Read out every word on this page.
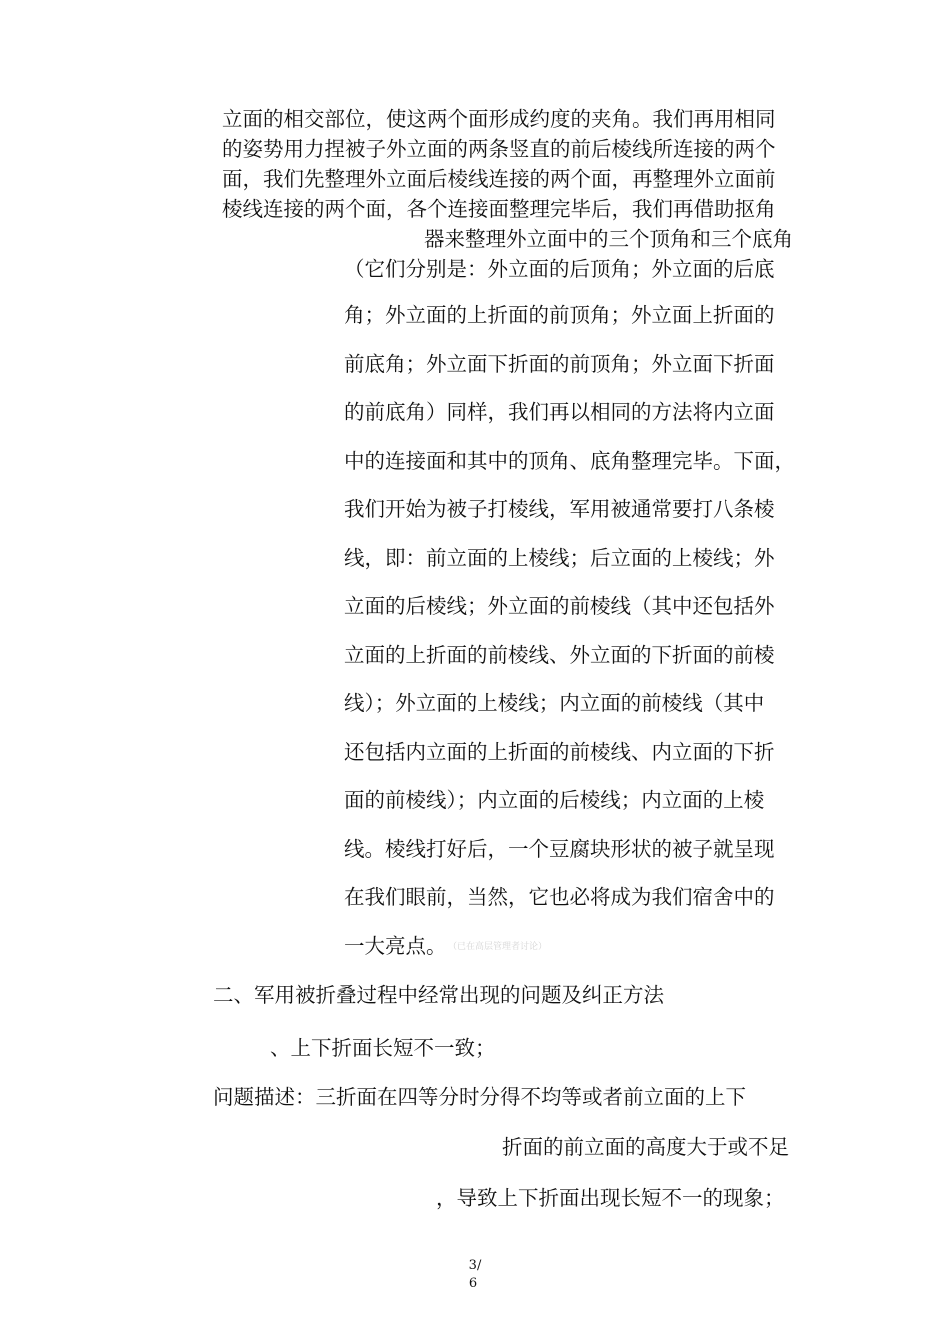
立面的相交部位，使这两个面形成约度的夹角。我们再用相同
的姿势用力捏被子外立面的两条竖直的前后棱线所连接的两个
面，我们先整理外立面后棱线连接的两个面，再整理外立面前
棱线连接的两个面，各个连接面整理完毕后，我们再借助抠角
器来整理外立面中的三个顶角和三个底角
（它们分别是：外立面的后顶角；外立面的后底
角；外立面的上折面的前顶角；外立面上折面的
前底角；外立面下折面的前顶角；外立面下折面
的前底角）同样，我们再以相同的方法将内立面
中的连接面和其中的顶角、底角整理完毕。下面，
我们开始为被子打棱线，军用被通常要打八条棱
线，即：前立面的上棱线；后立面的上棱线；外
立面的后棱线；外立面的前棱线（其中还包括外
立面的上折面的前棱线、外立面的下折面的前棱
线）；外立面的上棱线；内立面的前棱线（其中
还包括内立面的上折面的前棱线、内立面的下折
面的前棱线）；内立面的后棱线；内立面的上棱
线。棱线打好后，一个豆腐块形状的被子就呈现
在我们眼前，当然，它也必将成为我们宿舍中的
一大亮点。 （已在高层管理者讨论）
二、军用被折叠过程中经常出现的问题及纠正方法
、上下折面长短不一致；
问题描述：三折面在四等分时分得不均等或者前立面的上下
折面的前立面的高度大于或不足
，导致上下折面出现长短不一的现象；
3/
6
